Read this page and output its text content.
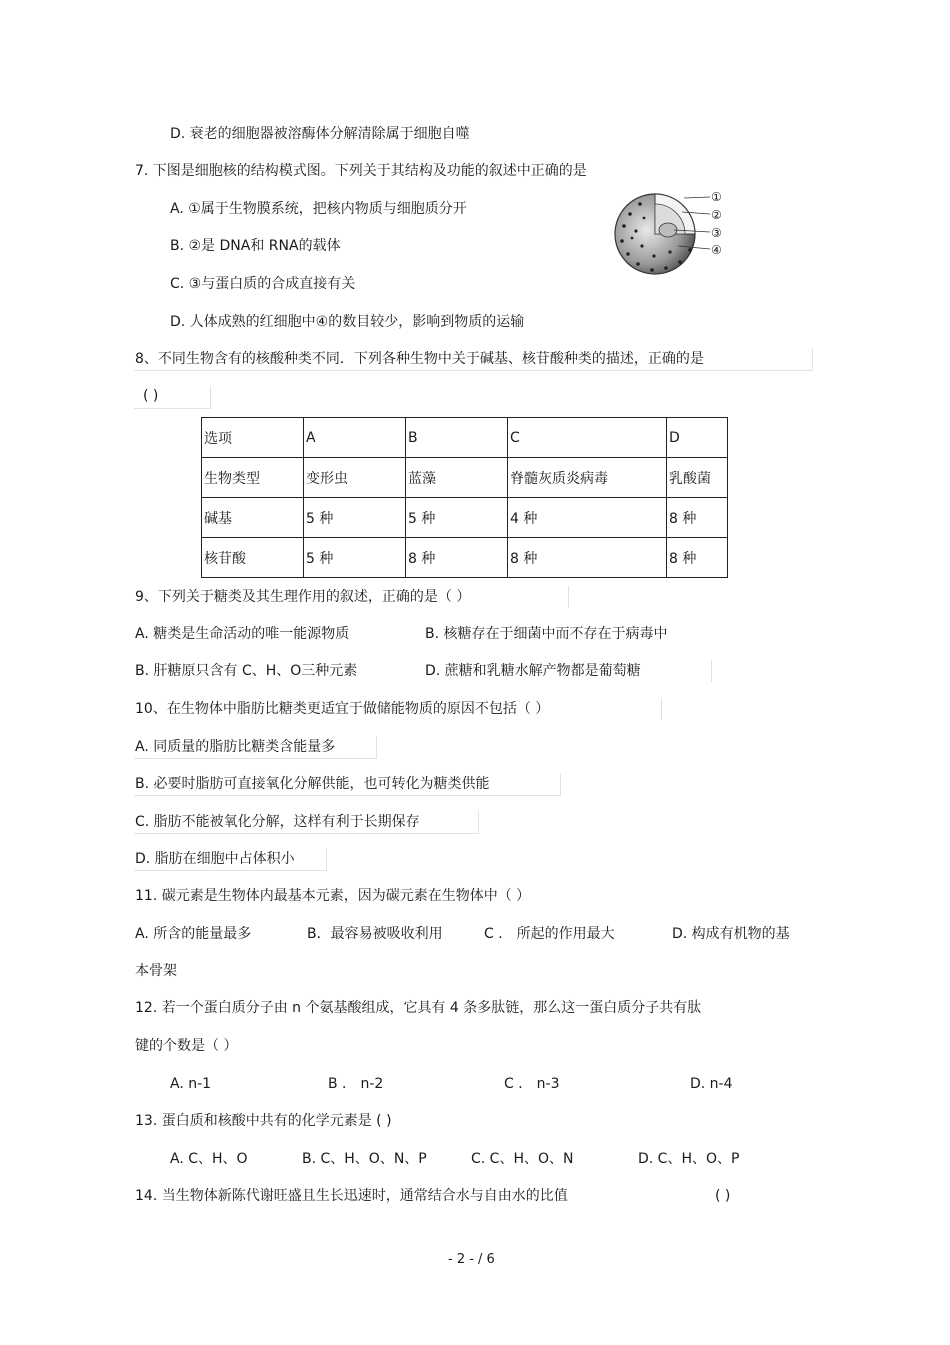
D. 衰老的细胞器被溶酶体分解清除属于细胞自噬
7. 下图是细胞核的结构模式图。下列关于其结构及功能的叙述中正确的是
A. ①属于生物膜系统，把核内物质与细胞质分开
B. ②是 DNA和 RNA的载体
C. ③与蛋白质的合成直接有关
D. 人体成熟的红细胞中④的数目较少，影响到物质的运输
①
②
③
④
8、不同生物含有的核酸种类不同．下列各种生物中关于碱基、核苷酸种类的描述，正确的是
( )
选项	A	B	C	D
生物类型	变形虫	蓝藻	脊髓灰质炎病毒	乳酸菌
碱基	5 种	5 种	4 种	8 种
核苷酸	5 种	8 种	8 种	8 种
9、下列关于糖类及其生理作用的叙述，正确的是（ ）
A. 糖类是生命活动的唯一能源物质	B. 核糖存在于细菌中而不存在于病毒中
B. 肝糖原只含有 C、H、O三种元素	D. 蔗糖和乳糖水解产物都是葡萄糖
10、在生物体中脂肪比糖类更适宜于做储能物质的原因不包括（ ）
A. 同质量的脂肪比糖类含能量多
B. 必要时脂肪可直接氧化分解供能，也可转化为糖类供能
C. 脂肪不能被氧化分解，这样有利于长期保存
D. 脂肪在细胞中占体积小
11. 碳元素是生物体内最基本元素，因为碳元素在生物体中（ ）
A. 所含的能量最多	B．最容易被吸收利用	C ． 所起的作用最大	D. 构成有机物的基
本骨架
12. 若一个蛋白质分子由 n 个氨基酸组成，它具有 4 条多肽链，那么这一蛋白质分子共有肽
键的个数是（ ）
A. n-1	B ． n-2	C ． n-3	D. n-4
13. 蛋白质和核酸中共有的化学元素是 ( )
A. C、H、O	B. C、H、O、N、P	C. C、H、O、N	D. C、H、O、P
14. 当生物体新陈代谢旺盛且生长迅速时，通常结合水与自由水的比值	( )
- 2 - / 6
